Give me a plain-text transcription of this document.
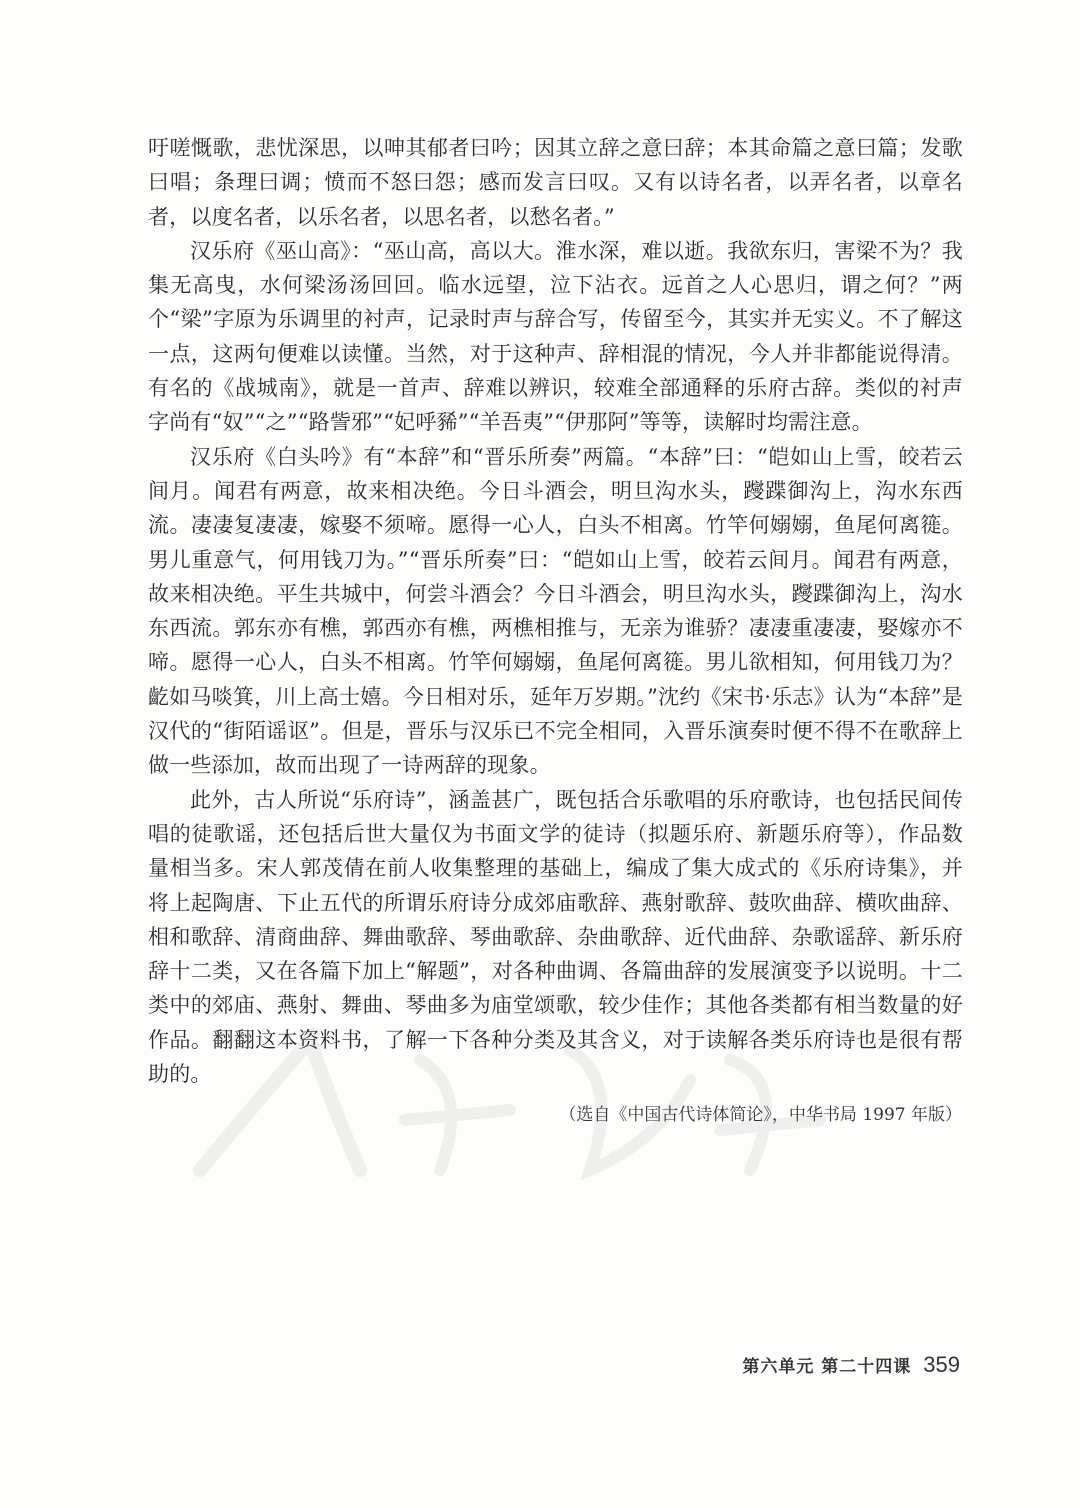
吁嗟慨歌，悲忧深思，以呻其郁者曰吟；因其立辞之意曰辞；本其命篇之意曰篇；发歌曰唱；条理曰调；愤而不怒曰怨；感而发言曰叹。又有以诗名者，以弄名者，以章名者，以度名者，以乐名者，以思名者，以愁名者。”

汉乐府《巫山高》：“巫山高，高以大。淮水深，难以逝。我欲东归，害梁不为？我集无高曳，水何梁汤汤回回。临水远望，泣下沾衣。远首之人心思归，谓之何？”两个“梁”字原为乐调里的衬声，记录时声与辞合写，传留至今，其实并无实义。不了解这一点，这两句便难以读懂。当然，对于这种声、辞相混的情况，今人并非都能说得清。有名的《战城南》，就是一首声、辞难以辨识，较难全部通释的乐府古辞。类似的衬声字尚有“奴”“之”“路訾邪”“妃呼豨”“羊吾夷”“伊那阿”等等，读解时均需注意。

汉乐府《白头吟》有“本辞”和“晋乐所奏”两篇。“本辞”曰：“皑如山上雪，皎若云间月。闻君有两意，故来相决绝。今日斗酒会，明旦沟水头，躞蹀御沟上，沟水东西流。凄凄复凄凄，嫁娶不须啼。愿得一心人，白头不相离。竹竿何嫋嫋，鱼尾何离簁。男儿重意气，何用钱刀为。”“晋乐所奏”曰：“皑如山上雪，皎若云间月。闻君有两意，故来相决绝。平生共城中，何尝斗酒会？今日斗酒会，明旦沟水头，躞蹀御沟上，沟水东西流。郭东亦有樵，郭西亦有樵，两樵相推与，无亲为谁骄？凄凄重凄凄，娶嫁亦不啼。愿得一心人，白头不相离。竹竿何嫋嫋，鱼尾何离簁。男儿欲相知，何用钱刀为？齕如马啖箕，川上高士嬉。今日相对乐，延年万岁期。”沈约《宋书·乐志》认为“本辞”是汉代的“街陌谣讴”。但是，晋乐与汉乐已不完全相同，入晋乐演奏时便不得不在歌辞上做一些添加，故而出现了一诗两辞的现象。

此外，古人所说“乐府诗”，涵盖甚广，既包括合乐歌唱的乐府歌诗，也包括民间传唱的徒歌谣，还包括后世大量仅为书面文学的徒诗（拟题乐府、新题乐府等），作品数量相当多。宋人郭茂倩在前人收集整理的基础上，编成了集大成式的《乐府诗集》，并将上起陶唐、下止五代的所谓乐府诗分成郊庙歌辞、燕射歌辞、鼓吹曲辞、横吹曲辞、相和歌辞、清商曲辞、舞曲歌辞、琴曲歌辞、杂曲歌辞、近代曲辞、杂歌谣辞、新乐府辞十二类，又在各篇下加上“解题”，对各种曲调、各篇曲辞的发展演变予以说明。十二类中的郊庙、燕射、舞曲、琴曲多为庙堂颂歌，较少佳作；其他各类都有相当数量的好作品。翻翻这本资料书，了解一下各种分类及其含义，对于读解各类乐府诗也是很有帮助的。

（选自《中国古代诗体简论》，中华书局 1997 年版）

第六单元 第二十四课 359
